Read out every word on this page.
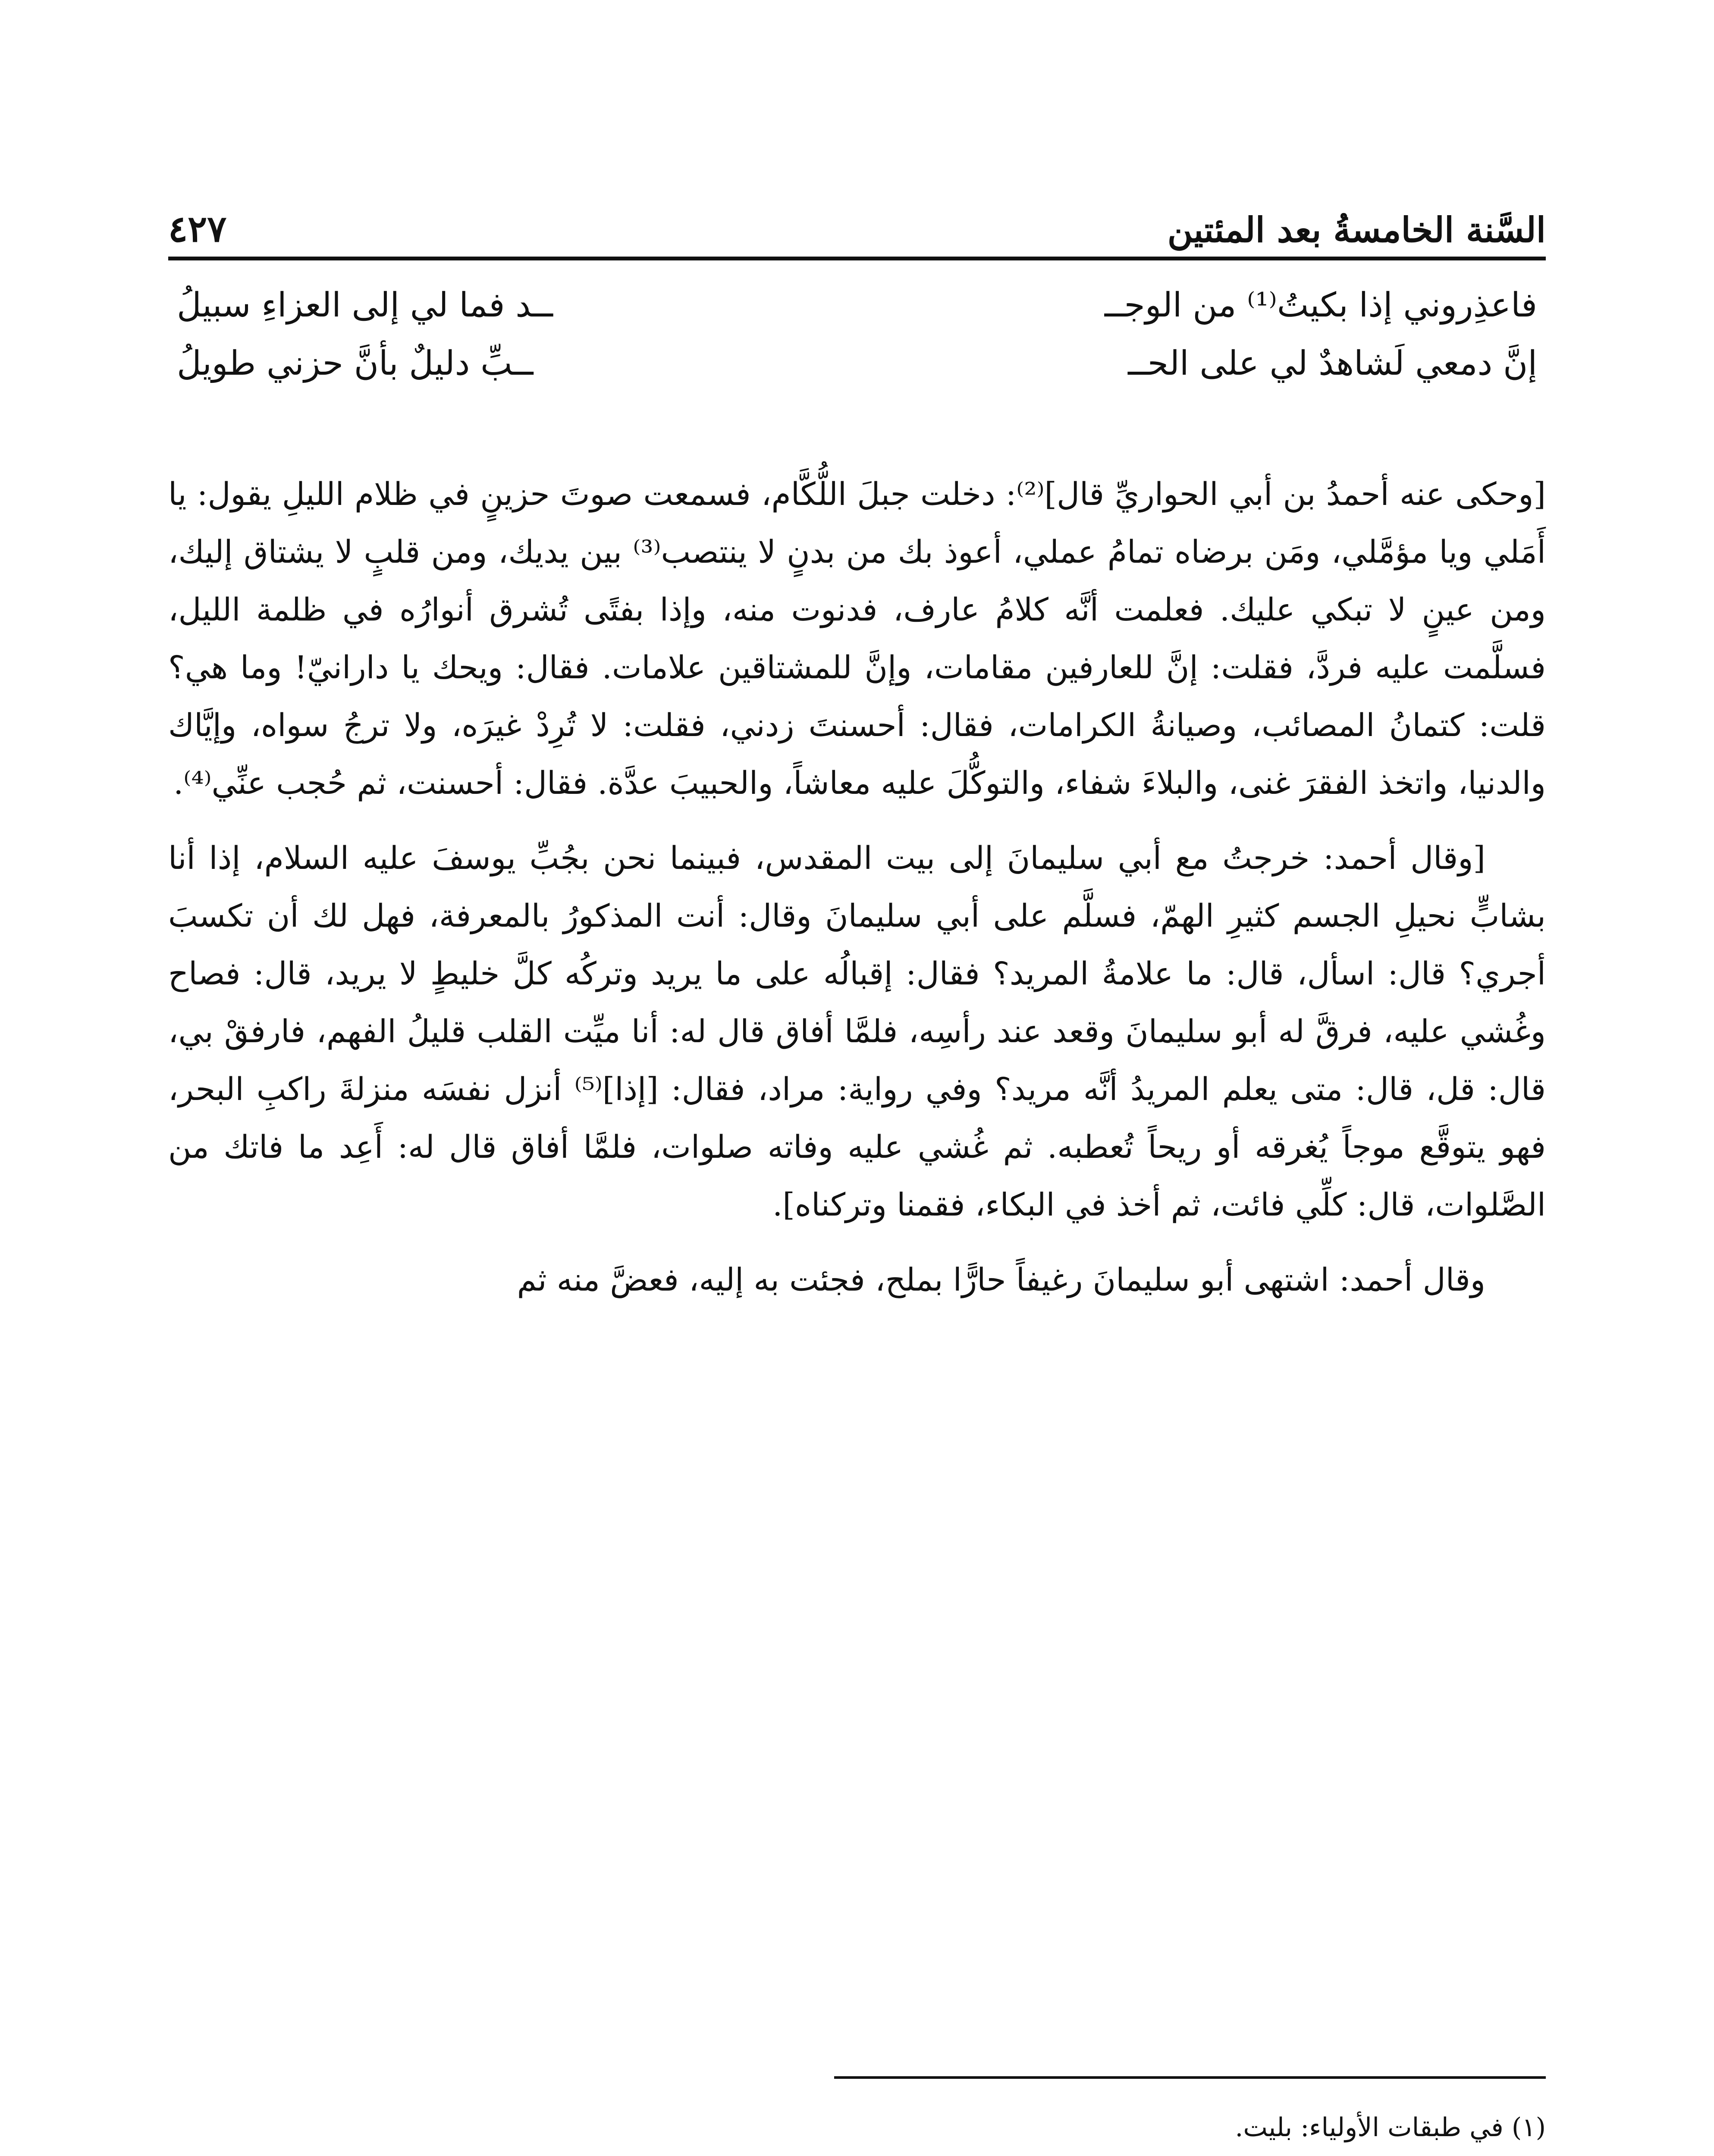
السَّنة الخامسةُ بعد المئتين
٤٢٧
فاعذِروني إذا بكيتُ⁽¹⁾ من الوجــ
ــد فما لي إلى العزاءِ سبيلُ
إنَّ دمعي لَشاهدٌ لي على الحــ
ــبِّ دليلٌ بأنَّ حزني طويلُ

[وحكى عنه أحمدُ بن أبي الحواريِّ قال]⁽²⁾: دخلت جبلَ اللُّكَّام، فسمعت صوتَ حزينٍ في ظلام الليلِ يقول: يا أَمَلي ويا مؤمَّلي، ومَن برضاه تمامُ عملي، أعوذ بك من بدنٍ لا ينتصب⁽³⁾ بين يديك، ومن قلبٍ لا يشتاق إليك، ومن عينٍ لا تبكي عليك. فعلمت أنَّه كلامُ عارف، فدنوت منه، وإذا بفتًى تُشرق أنوارُه في ظلمة الليل، فسلَّمت عليه فردَّ، فقلت: إنَّ للعارفين مقامات، وإنَّ للمشتاقين علامات. فقال: ويحك يا دارانيّ! وما هي؟ قلت: كتمانُ المصائب، وصيانةُ الكرامات، فقال: أحسنتَ زدني، فقلت: لا تُرِدْ غيرَه، ولا ترجُ سواه، وإيَّاك والدنيا، واتخذ الفقرَ غنى، والبلاءَ شفاء، والتوكُّلَ عليه معاشاً، والحبيبَ عدَّة. فقال: أحسنت، ثم حُجب عنِّي⁽⁴⁾.

[وقال أحمد: خرجتُ مع أبي سليمانَ إلى بيت المقدس، فبينما نحن بجُبِّ يوسفَ عليه السلام، إذا أنا بشابٍّ نحيلِ الجسم كثيرِ الهمّ، فسلَّم على أبي سليمانَ وقال: أنت المذكورُ بالمعرفة، فهل لك أن تكسبَ أجري؟ قال: اسأل، قال: ما علامةُ المريد؟ فقال: إقبالُه على ما يريد وتركُه كلَّ خليطٍ لا يريد، قال: فصاح وغُشي عليه، فرقَّ له أبو سليمانَ وقعد عند رأسِه، فلمَّا أفاق قال له: أنا ميِّت القلب قليلُ الفهم، فارفقْ بي، قال: قل، قال: متى يعلم المريدُ أنَّه مريد؟ وفي رواية: مراد، فقال: [إذا]⁽⁵⁾ أنزل نفسَه منزلةَ راكبِ البحر، فهو يتوقَّع موجاً يُغرقه أو ريحاً تُعطبه. ثم غُشي عليه وفاته صلوات، فلمَّا أفاق قال له: أَعِد ما فاتك من الصَّلوات، قال: كلِّي فائت، ثم أخذ في البكاء، فقمنا وتركناه].

وقال أحمد: اشتهى أبو سليمانَ رغيفاً حارًّا بملح، فجئت به إليه، فعضَّ منه ثم

(١) في طبقات الأولياء: بليت.
